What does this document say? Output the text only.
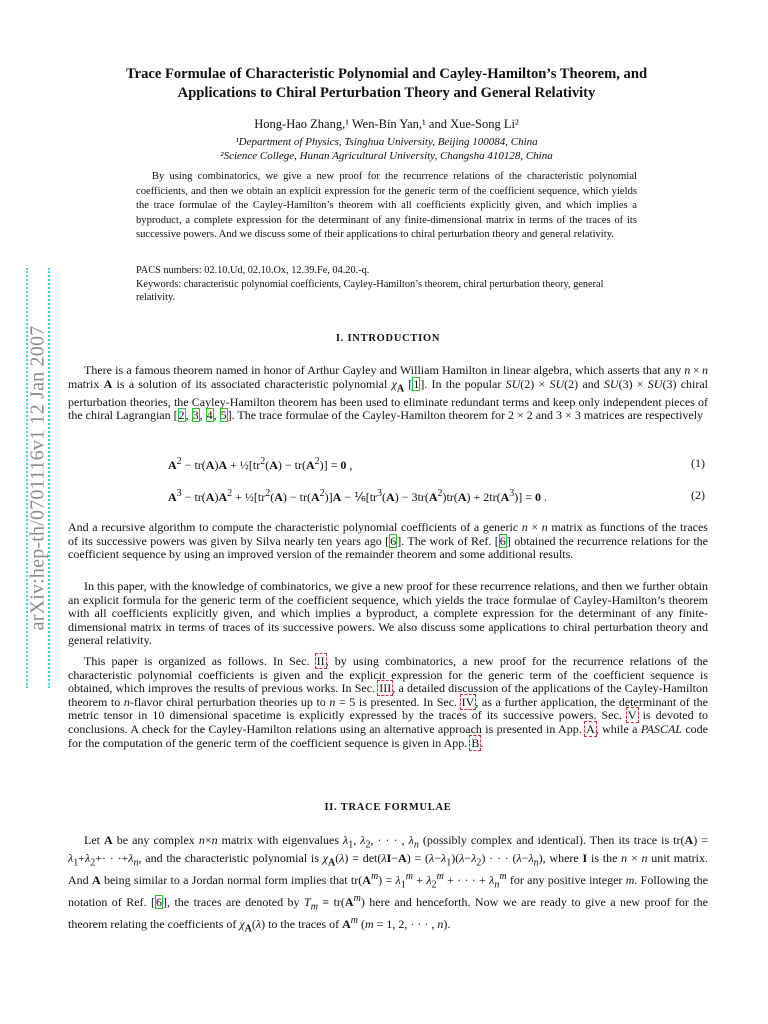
arXiv:hep-th/0701116v1 12 Jan 2007
Trace Formulae of Characteristic Polynomial and Cayley-Hamilton’s Theorem, and
Applications to Chiral Perturbation Theory and General Relativity
Hong-Hao Zhang,¹ Wen-Bin Yan,¹ and Xue-Song Li²
¹Department of Physics, Tsinghua University, Beijing 100084, China
²Science College, Hunan Agricultural University, Changsha 410128, China

By using combinatorics, we give a new proof for the recurrence relations of the characteristic polynomial coefficients, and then we obtain an explicit expression for the generic term of the coefficient sequence, which yields the trace formulae of the Cayley-Hamilton’s theorem with all coefficients explicitly given, and which implies a byproduct, a complete expression for the determinant of any finite-dimensional matrix in terms of the traces of its successive powers. And we discuss some of their applications to chiral perturbation theory and general relativity.

PACS numbers: 02.10.Ud, 02.10.Ox, 12.39.Fe, 04.20.-q.

Keywords: characteristic polynomial coefficients, Cayley-Hamilton’s theorem, chiral perturbation theory, general relativity.

I. INTRODUCTION

There is a famous theorem named in honor of Arthur Cayley and William Hamilton in linear algebra, which asserts that any n × n matrix A is a solution of its associated characteristic polynomial $\chi_A$ [1]. In the popular SU(2) × SU(2) and SU(3) × SU(3) chiral perturbation theories, the Cayley-Hamilton theorem has been used to eliminate redundant terms and keep only independent pieces of the chiral Lagrangian [2, 3, 4, 5]. The trace formulae of the Cayley-Hamilton theorem for 2 × 2 and 3 × 3 matrices are respectively

$A^2 - tr(A)A$ + $\frac{1}{2}[tr^2(A) - tr(A^2)] = 0$ ,	(1)
$A^3 - tr(A)A^2$ + $\frac{1}{2}[tr^2(A) - tr(A^2)]A$ − $\frac{1}{6}[tr^3(A) - 3tr(A^2)tr(A) + 2tr(A^3)] = 0$ .	(2)

And a recursive algorithm to compute the characteristic polynomial coefficients of a generic n × n matrix as functions of the traces of its successive powers was given by Silva nearly ten years ago [6]. The work of Ref. [6] obtained the recurrence relations for the coefficient sequence by using an improved version of the remainder theorem and some additional results.

In this paper, with the knowledge of combinatorics, we give a new proof for these recurrence relations, and then we further obtain an explicit formula for the generic term of the coefficient sequence, which yields the trace formulae of Cayley-Hamilton’s theorem with all coefficients explicitly given, and which implies a byproduct, a complete expression for the determinant of any finite-dimensional matrix in terms of traces of its successive powers. We also discuss some applications to chiral perturbation theory and general relativity.

This paper is organized as follows. In Sec. II, by using combinatorics, a new proof for the recurrence relations of the characteristic polynomial coefficients is given and the explicit expression for the generic term of the coefficient sequence is obtained, which improves the results of previous works. In Sec. III, a detailed discussion of the applications of the Cayley-Hamilton theorem to n-flavor chiral perturbation theories up to n = 5 is presented. In Sec. IV, as a further application, the determinant of the metric tensor in 10 dimensional spacetime is explicitly expressed by the traces of its successive powers. Sec. V is devoted to conclusions. A check for the Cayley-Hamilton relations using an alternative approach is presented in App. A, while a PASCAL code for the computation of the generic term of the coefficient sequence is given in App. B.

II. TRACE FORMULAE

Let A be any complex n×n matrix with eigenvalues $\lambda_1$, $\lambda_2$, · · · , $\lambda_n$ (possibly complex and identical). Then its trace is $tr(A) = \lambda_1+\lambda_2+\cdot \cdot \cdot+\lambda_n$, and the characteristic polynomial is $\chi_A(\lambda) = \det(\lambda I-A) = (\lambda-\lambda_1)(\lambda-\lambda_2)$ · · · $(\lambda-\lambda_n)$, where I is the n × n unit matrix. And A being similar to a Jordan normal form implies that $tr(A^m) = \lambda_1^m + \lambda_2^m$ + · · · + $\lambda_n^m$ for any positive integer m. Following the notation of Ref. [6], the traces are denoted by $T_m \equiv tr(A^m)$ here and henceforth. Now we are ready to give a new proof for the theorem relating the coefficients of $\chi_A(\lambda)$ to the traces of $A^m$ (m = 1, 2, · · · , n).
